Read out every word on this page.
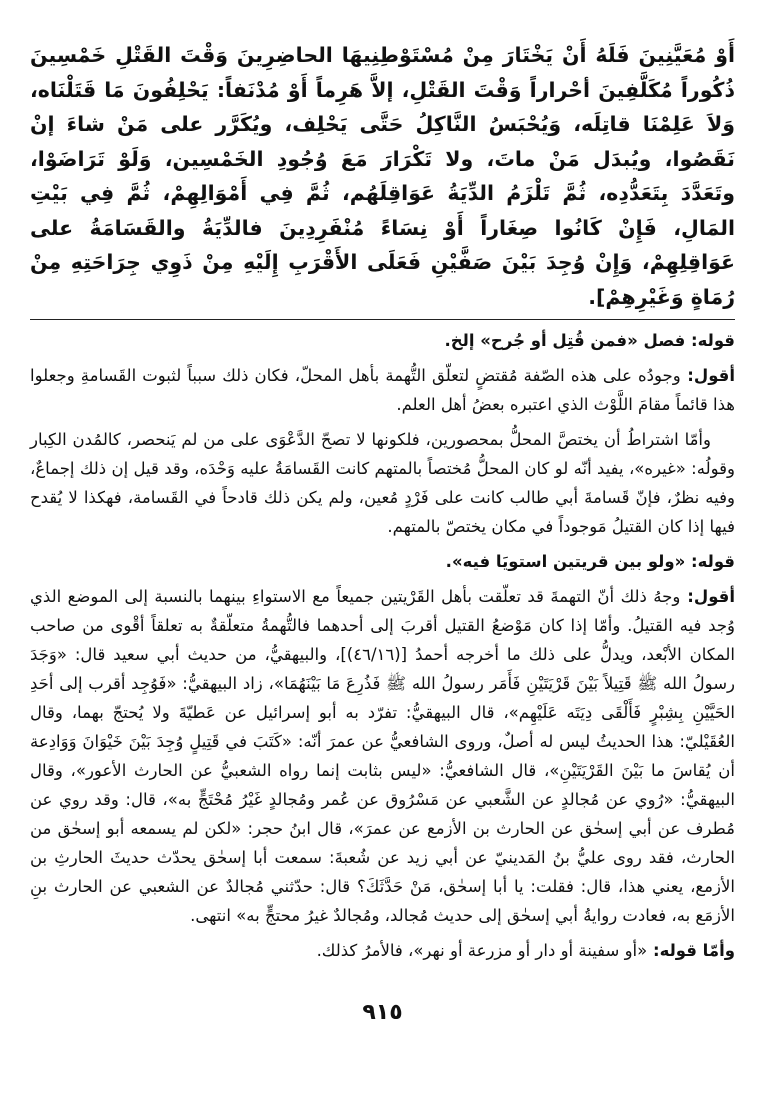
أَوْ مُعَيَّنِينَ فَلَهُ أَنْ يَخْتَارَ مِنْ مُسْتَوْطِنِيهَا الحاضِرِينَ وَقْتَ القَتْلِ خَمْسِينَ ذُكُوراً مُكَلَّفِينَ أحْراراً وَقْتَ القَتْلِ، إلاَّ هَرِماً أَوْ مُدْنَفاً: يَحْلِفُونَ مَا قَتَلْنَاه، وَلاَ عَلِمْنَا قاتِلَه، وَيُحْبَسُ النَّاكِلُ حَتَّى يَحْلِف، ويُكَرَّر على مَنْ شاءَ إنْ نَقَصُوا، ويُبدَل مَنْ ماتَ، ولا تَكْرَارَ مَعَ وُجُودِ الخَمْسِين، وَلَوْ تَرَاضَوْا، وتَعَدَّدَ بِتَعَدُّدِه، ثُمَّ تَلْزَمُ الدِّيَةُ عَوَاقِلَهُم، ثُمَّ فِي أَمْوَالِهِمْ، ثُمَّ فِي بَيْتِ المَالِ، فَإِنْ كَانُوا صِغَاراً أَوْ نِسَاءً مُنْفَرِدِينَ فالدِّيَةُ والقَسَامَةُ على عَوَاقِلِهِمْ، وَإِنْ وُجِدَ بَيْنَ صَفَّيْنِ فَعَلَى الأَقْرَبِ إِلَيْهِ مِنْ ذَوِي جِرَاحَتِهِ مِنْ رُمَاةٍ وَغَيْرِهِمْ].

قوله: فصل «فمن قُتِل أو جُرح» إلخ.

أقول: وجودُه على هذه الصّفة مُقتضٍ لتعلّق التُّهمة بأهل المحلّ، فكان ذلك سبباً لثبوت القَسامةِ وجعلوا هذا قائماً مقامَ اللَّوْث الذي اعتبره بعضُ أهل العلم.

وأمّا اشتراطُ أن يختصَّ المحلُّ بمحصورين، فلكونها لا تصحّ الدَّعْوَى على من لم يَنحصر، كالمُدن الكِبار وقولُه: «غيره»، يفيد أنّه لو كان المحلُّ مُختصاً بالمتهم كانت القَسامَةُ عليه وَحْدَه، وقد قيل إن ذلك إجماعٌ، وفيه نظرٌ، فإنّ قَسامةَ أبي طالب كانت على فَرْدٍ مُعين، ولم يكن ذلك قادحاً في القَسامة، فهكذا لا يُقدح فيها إذا كان القتيلُ مَوجوداً في مكان يختصّ بالمتهم.

قوله: «ولو بين قريتين استويَا فيه».

أقول: وجهُ ذلك أنّ التهمةَ قد تعلّقت بأهل القَرْيتين جميعاً مع الاستواءِ بينهما بالنسبة إلى الموضع الذي وُجد فيه القتيلُ. وأمّا إذا كان مَوْضعُ القتيل أقربَ إلى أحدهما فالتُّهمةُ متعلّقةٌ به تعلقاً أقْوى من صاحب المكان الأبْعد، ويدلُّ على ذلك ما أخرجه أحمدُ [(٤٦/١٦)]، والبيهقيُّ، من حديث أبي سعيد قال: «وَجَدَ رسولُ الله ﷺ قَتِيلاً بَيْنَ قَرْيَتَيْنِ فَأَمَر رسولُ الله ﷺ فَذُرِعَ مَا بَيْنَهُمَا»، زاد البيهقيُّ: «فَوُجِد أقرب إلى أحَدِ الحَيَّيْنِ بِشِبْرٍ فَأَلْقَى دِيَتَه عَلَيْهِم»، قال البيهقيُّ: تفرّد به أبو إسرائيل عن عَطيّةَ ولا يُحتجّ بهما، وقال العُقَيْليّ: هذا الحديثُ ليس له أصلٌ، وروى الشافعيُّ عن عمرَ أنّه: «كَتَبَ في قَتِيلٍ وُجِدَ بَيْنَ خَيْوَانَ وَوَادِعة أن يُقاسَ ما بَيْنَ القَرْيَتَيْنِ»، قال الشافعيُّ: «ليس بثابت إنما رواه الشعبيُّ عن الحارث الأعور»، وقال البيهقيُّ: «رُوي عن مُجالدٍ عن الشَّعبي عن مَسْرُوق عن عُمر ومُجالدٍ غَيْرُ مُحْتَجٍّ به»، قال: وقد روي عن مُطرف عن أبي إسحٰق عن الحارث بن الأزمع عن عمرَ»، قال ابنُ حجر: «لكن لم يسمعه أبو إسحٰق من الحارث، فقد روى عليُّ بنُ المَدينيّ عن أبي زيد عن شُعبةَ: سمعت أبا إسحٰق يحدّث حديثَ الحارثِ بن الأزمع، يعني هذا، قال: فقلت: يا أبا إسحٰق، مَنْ حَدَّثَكَ؟ قال: حدّثني مُجالدٌ عن الشعبي عن الحارث بنِ الأزمَع به، فعادت روايةُ أبي إسحٰق إلى حديث مُجالد، ومُجالدٌ غيرُ محتجٍّ به» انتهى.

وأمّا قوله: «أو سفينة أو دار أو مزرعة أو نهر»، فالأمرُ كذلك.

٩١٥
